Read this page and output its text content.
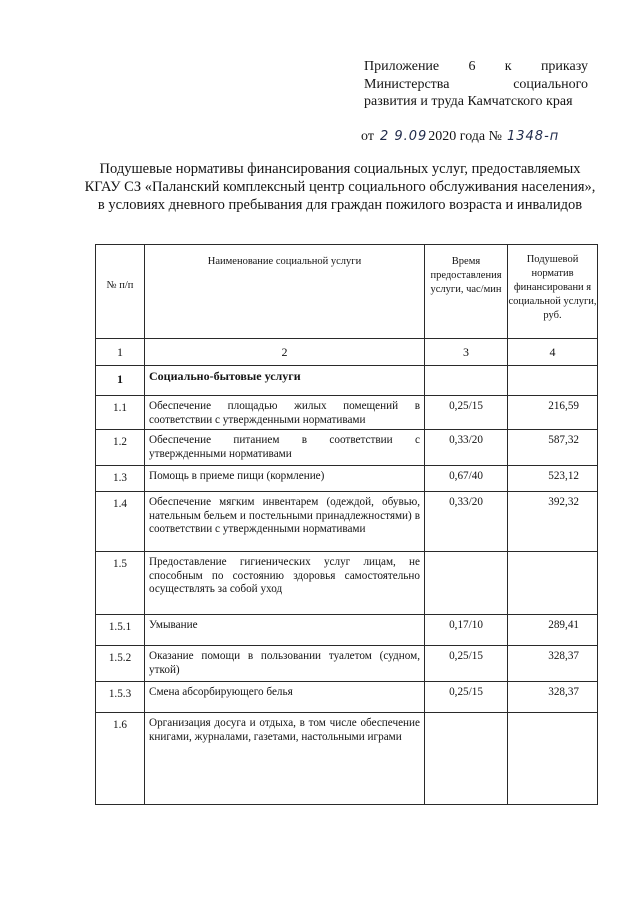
Приложение 6 к приказу
Министерства	социального
развития и труда Камчатского края
от 2 9.09 2020 года № 1348-п
Подушевые нормативы финансирования социальных услуг, предоставляемых КГАУ СЗ «Паланский комплексный центр социального обслуживания населения», в условиях дневного пребывания для граждан пожилого возраста и инвалидов
№ п/п	Наименование социальной услуги	Время предоставления услуги, час/мин	Подушевой норматив финансировани я социальной услуги, руб.
1	2	3	4
1	Социально-бытовые услуги		
1.1	Обеспечение площадью жилых помещений в соответствии с утвержденными нормативами	0,25/15	216,59
1.2	Обеспечение питанием в соответствии с утвержденными нормативами	0,33/20	587,32
1.3	Помощь в приеме пищи (кормление)	0,67/40	523,12
1.4	Обеспечение мягким инвентарем (одеждой, обувью, нательным бельем и постельными принадлежностями) в соответствии с утвержденными нормативами	0,33/20	392,32
1.5	Предоставление гигиенических услуг лицам, не способным по состоянию здоровья самостоятельно осуществлять за собой уход		
1.5.1	Умывание	0,17/10	289,41
1.5.2	Оказание помощи в пользовании туалетом (судном, уткой)	0,25/15	328,37
1.5.3	Смена абсорбирующего белья	0,25/15	328,37
1.6	Организация досуга и отдыха, в том числе обеспечение книгами, журналами, газетами, настольными играми		
